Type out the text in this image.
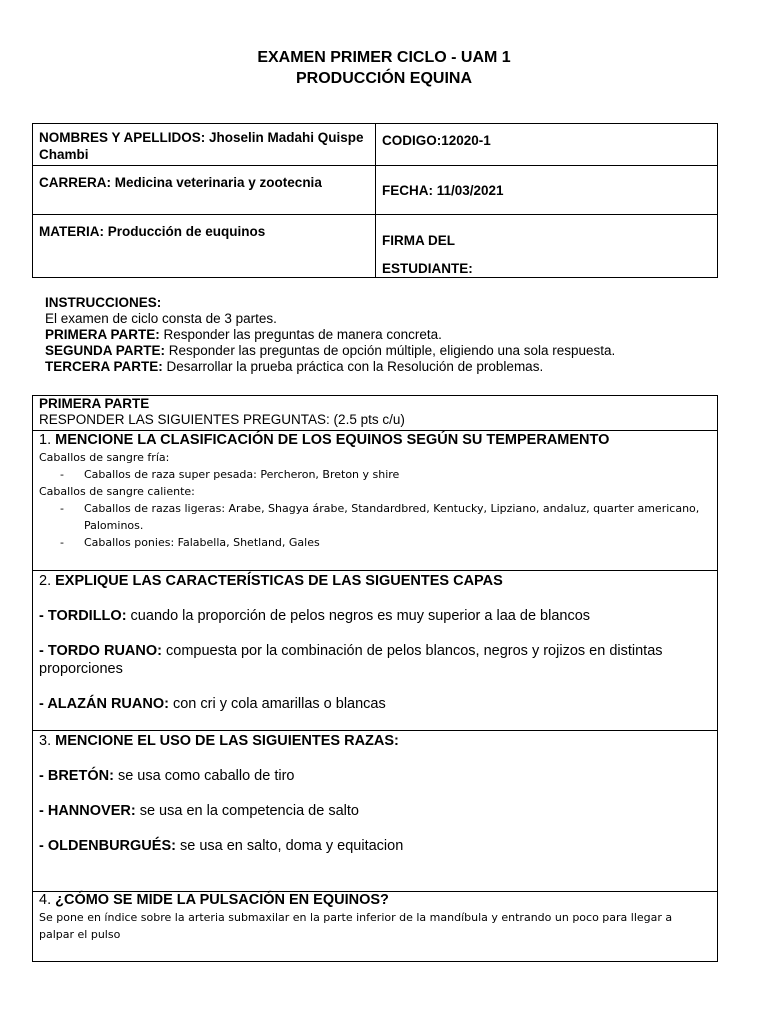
EXAMEN PRIMER CICLO - UAM 1
PRODUCCIÓN EQUINA
NOMBRES Y APELLIDOS: Jhoselin Madahi Quispe Chambi
CODIGO:12020-1
CARRERA: Medicina veterinaria y zootecnia
FECHA: 11/03/2021
MATERIA: Producción de euquinos
FIRMA DEL
ESTUDIANTE:
INSTRUCCIONES:
El examen de ciclo consta de 3 partes.
PRIMERA PARTE: Responder las preguntas de manera concreta.
SEGUNDA PARTE: Responder las preguntas de opción múltiple, eligiendo una sola respuesta.
TERCERA PARTE: Desarrollar la prueba práctica con la Resolución de problemas.
PRIMERA PARTE
RESPONDER LAS SIGUIENTES PREGUNTAS: (2.5 pts c/u)
1. MENCIONE LA CLASIFICACIÓN DE LOS EQUINOS SEGÚN SU TEMPERAMENTO
Caballos de sangre fría:
- Caballos de raza super pesada: Percheron, Breton y shire
Caballos de sangre caliente:
- Caballos de razas ligeras: Arabe, Shagya árabe, Standardbred, Kentucky, Lipziano, andaluz, quarter americano, Palominos.
- Caballos ponies: Falabella, Shetland, Gales
2. EXPLIQUE LAS CARACTERÍSTICAS DE LAS SIGUENTES CAPAS
- TORDILLO: cuando la proporción de pelos negros es muy superior a laa de blancos
- TORDO RUANO: compuesta por la combinación de pelos blancos, negros y rojizos en distintas proporciones
- ALAZÁN RUANO: con cri y cola amarillas o blancas
3. MENCIONE EL USO DE LAS SIGUIENTES RAZAS:
- BRETÓN: se usa como caballo de tiro
- HANNOVER: se usa en la competencia de salto
- OLDENBURGUÉS: se usa en salto, doma y equitacion
4. ¿CÓMO SE MIDE LA PULSACIÓN EN EQUINOS?
Se pone en índice sobre la arteria submaxilar en la parte inferior de la mandíbula y entrando un poco para llegar a palpar el pulso
